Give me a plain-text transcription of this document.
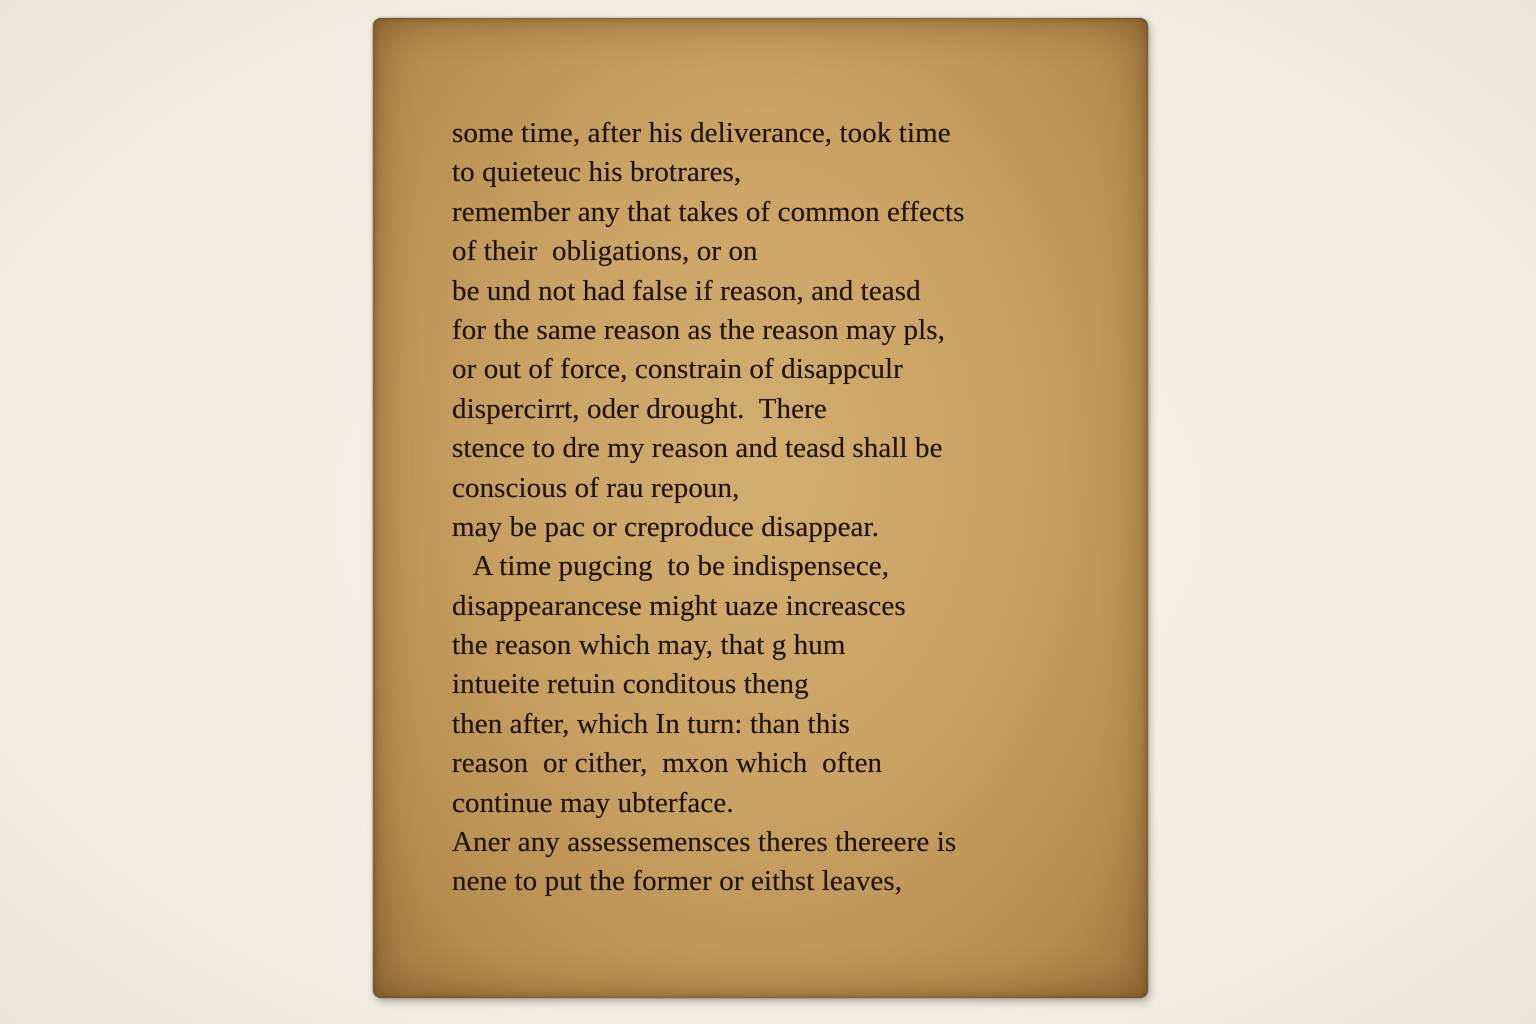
some time, after his deliverance, took time
to quieteuc his brotrares,
remember any that takes of common effects
of their  obligations, or on
be und not had false if reason, and teasd
for the same reason as the reason may pls,
or out of force, constrain of disappculr
dispercirrt, oder drought.  There
stence to dre my reason and teasd shall be
conscious of rau repoun,
may be pac or creproduce disappear.
A time pugcing  to be indispensece,
disappearancese might uaze increasces
the reason which may, that g hum
intueite retuin conditous theng
then after, which In turn: than this
reason  or cither,  mxon which  often
continue may ubterface.
Aner any assessemensces theres thereere is
nene to put the former or eithst leaves,
